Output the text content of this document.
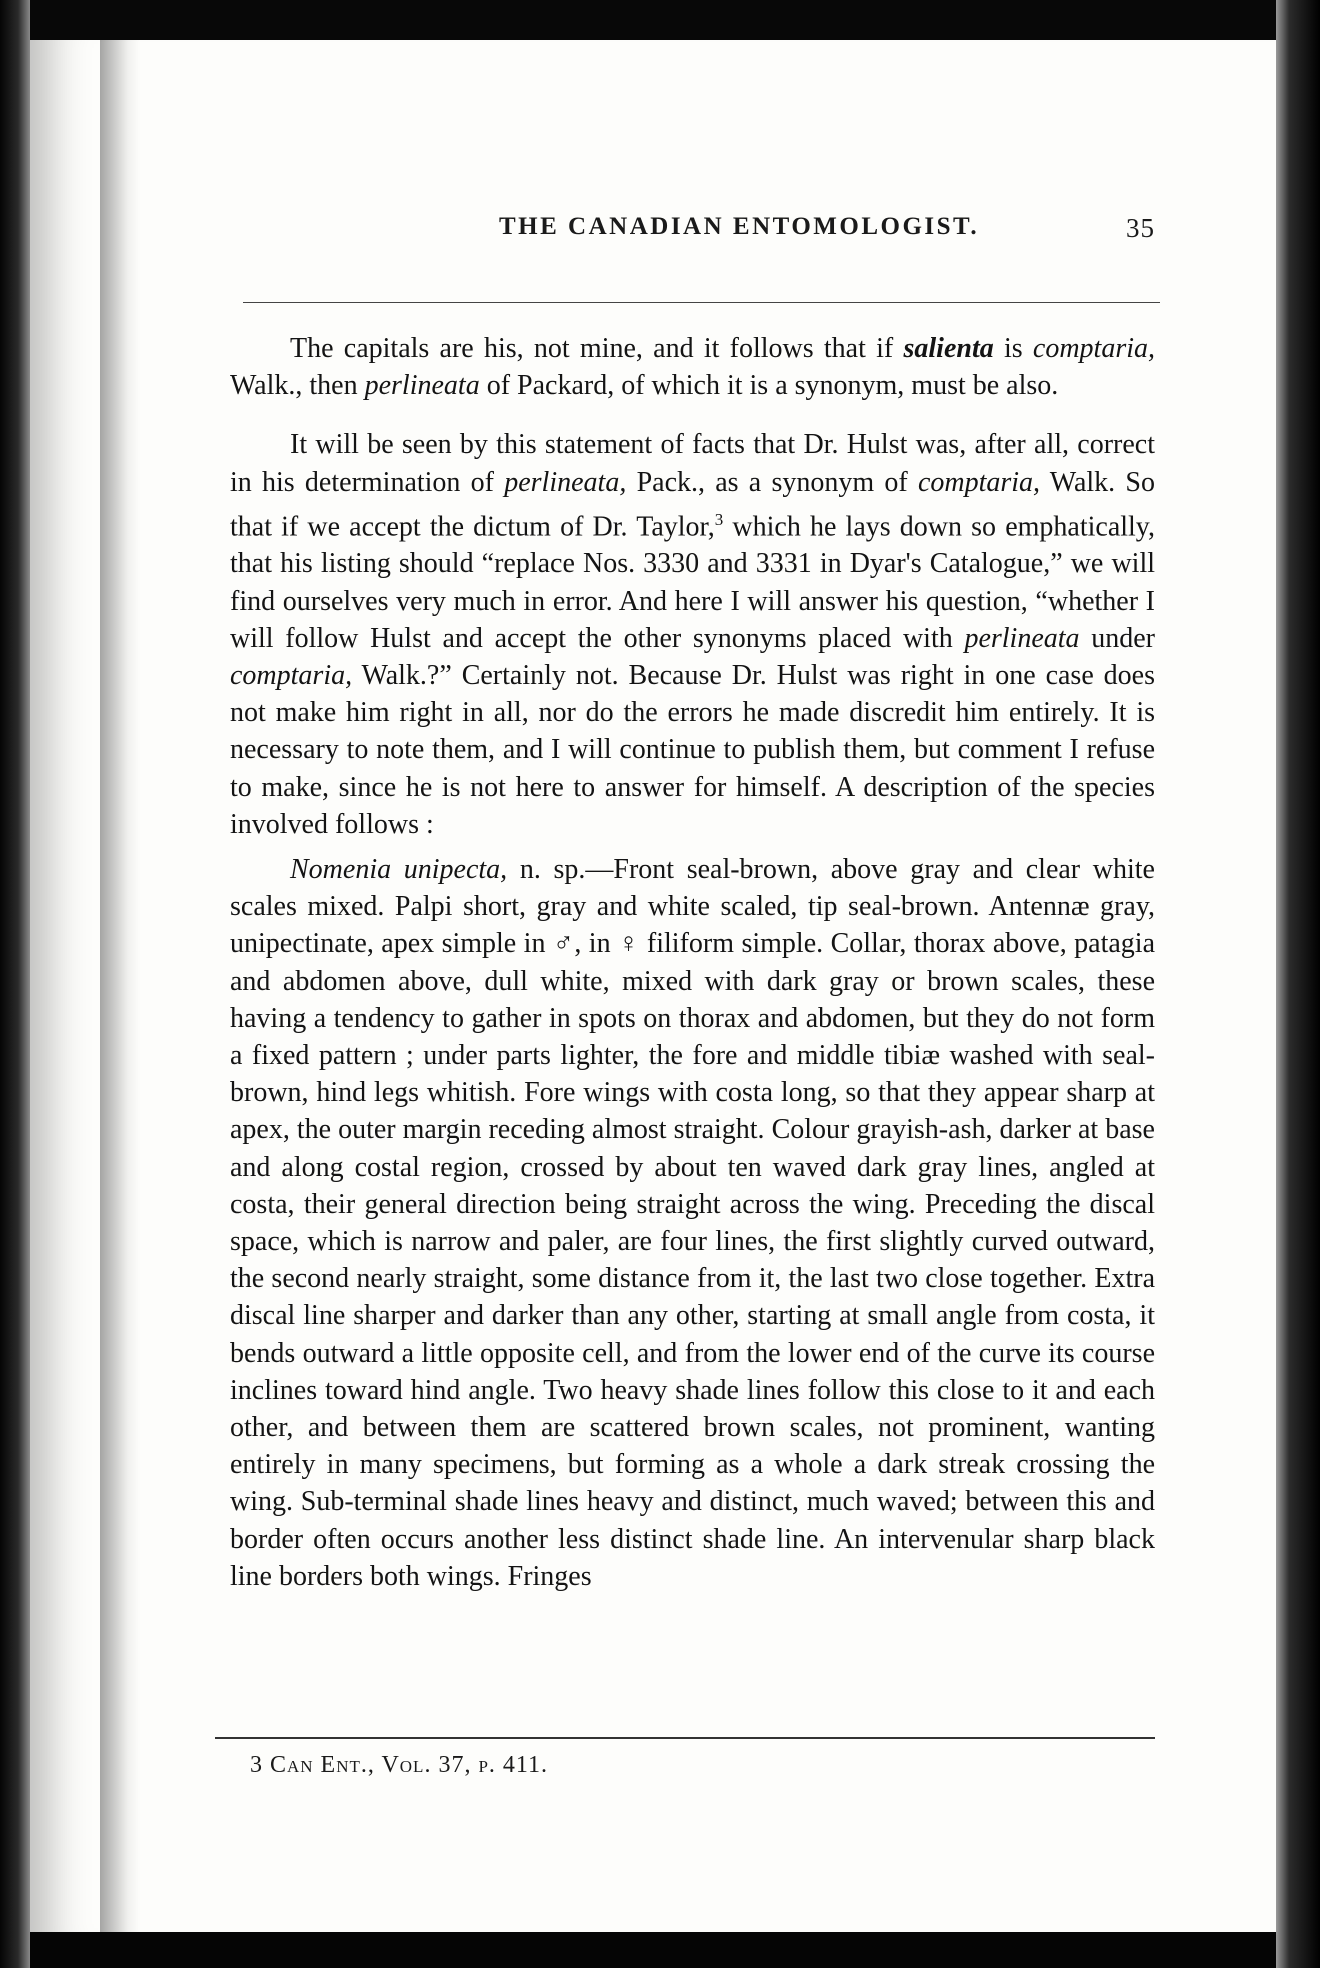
THE CANADIAN ENTOMOLOGIST.	35

The capitals are his, not mine, and it follows that if salienta is comptaria, Walk., then perlineata of Packard, of which it is a synonym, must be also.

It will be seen by this statement of facts that Dr. Hulst was, after all, correct in his determination of perlineata, Pack., as a synonym of comptaria, Walk. So that if we accept the dictum of Dr. Taylor,$^3$ which he lays down so emphatically, that his listing should “replace Nos. 3330 and 3331 in Dyar's Catalogue,” we will find ourselves very much in error. And here I will answer his question, “whether I will follow Hulst and accept the other synonyms placed with perlineata under comptaria, Walk.?” Certainly not. Because Dr. Hulst was right in one case does not make him right in all, nor do the errors he made discredit him entirely. It is necessary to note them, and I will continue to publish them, but comment I refuse to make, since he is not here to answer for himself. A description of the species involved follows :

Nomenia unipecta, n. sp.—Front seal-brown, above gray and clear white scales mixed. Palpi short, gray and white scaled, tip seal-brown. Antennæ gray, unipectinate, apex simple in ♂, in ♀ filiform simple. Collar, thorax above, patagia and abdomen above, dull white, mixed with dark gray or brown scales, these having a tendency to gather in spots on thorax and abdomen, but they do not form a fixed pattern ; under parts lighter, the fore and middle tibiæ washed with seal-brown, hind legs whitish. Fore wings with costa long, so that they appear sharp at apex, the outer margin receding almost straight. Colour grayish-ash, darker at base and along costal region, crossed by about ten waved dark gray lines, angled at costa, their general direction being straight across the wing. Preceding the discal space, which is narrow and paler, are four lines, the first slightly curved outward, the second nearly straight, some distance from it, the last two close together. Extra discal line sharper and darker than any other, starting at small angle from costa, it bends outward a little opposite cell, and from the lower end of the curve its course inclines toward hind angle. Two heavy shade lines follow this close to it and each other, and between them are scattered brown scales, not prominent, wanting entirely in many specimens, but forming as a whole a dark streak crossing the wing. Sub-terminal shade lines heavy and distinct, much waved; between this and border often occurs another less distinct shade line. An intervenular sharp black line borders both wings. Fringes

3 Can Ent., Vol. 37, p. 411.
